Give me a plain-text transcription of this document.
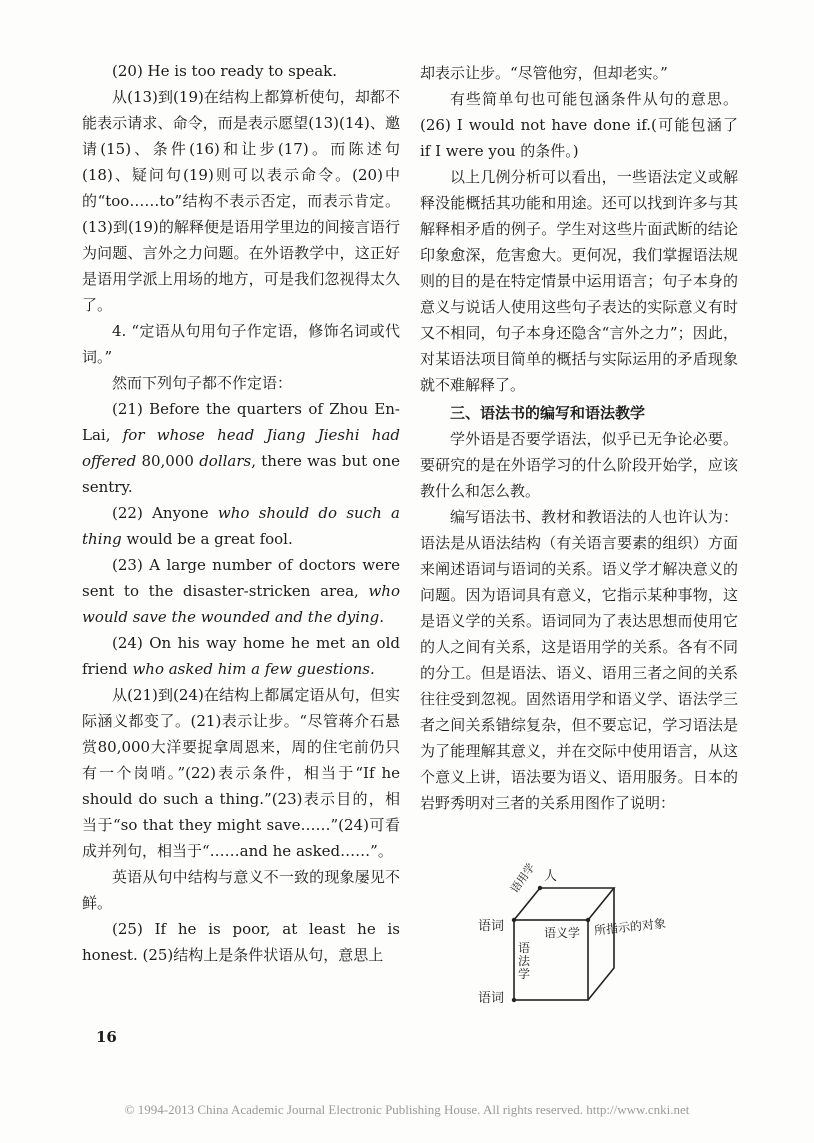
(20) He is too ready to speak.

从(13)到(19)在结构上都算析使句，却都不能表示请求、命令，而是表示愿望(13)(14)、邀请(15)、条件(16)和让步(17)。而陈述句(18)、疑问句(19)则可以表示命令。(20)中的“too……to”结构不表示否定，而表示肯定。(13)到(19)的解释便是语用学里边的间接言语行为问题、言外之力问题。在外语教学中，这正好是语用学派上用场的地方，可是我们忽视得太久了。

4. “定语从句用句子作定语，修饰名词或代词。”

然而下列句子都不作定语：

(21) Before the quarters of Zhou En-Lai, for whose head Jiang Jieshi had offered 80,000 dollars, there was but one sentry.

(22) Anyone who should do such a thing would be a great fool.

(23) A large number of doctors were sent to the disaster-stricken area, who would save the wounded and the dying.

(24) On his way home he met an old friend who asked him a few guestions.

从(21)到(24)在结构上都属定语从句，但实际涵义都变了。(21)表示让步。“尽管蒋介石悬赏80,000大洋要捉拿周恩来，周的住宅前仍只有一个岗哨。”(22)表示条件，相当于“If he should do such a thing.”(23)表示目的，相当于“so that they might save……”(24)可看成并列句，相当于“……and he asked……”。

英语从句中结构与意义不一致的现象屡见不鲜。

(25) If he is poor, at least he is honest. (25)结构上是条件状语从句，意思上

却表示让步。“尽管他穷，但却老实。”

有些简单句也可能包涵条件从句的意思。(26) I would not have done if.(可能包涵了 if I were you 的条件。)

以上几例分析可以看出，一些语法定义或解释没能概括其功能和用途。还可以找到许多与其解释相矛盾的例子。学生对这些片面武断的结论印象愈深，危害愈大。更何况，我们掌握语法规则的目的是在特定情景中运用语言；句子本身的意义与说话人使用这些句子表达的实际意义有时又不相同，句子本身还隐含“言外之力”；因此，对某语法项目简单的概括与实际运用的矛盾现象就不难解释了。

三、语法书的编写和语法教学

学外语是否要学语法，似乎已无争论必要。要研究的是在外语学习的什么阶段开始学，应该教什么和怎么教。

编写语法书、教材和教语法的人也许认为：语法是从语法结构（有关语言要素的组织）方面来阐述语词与语词的关系。语义学才解决意义的问题。因为语词具有意义，它指示某种事物，这是语义学的关系。语词同为了表达思想而使用它的人之间有关系，这是语用学的关系。各有不同的分工。但是语法、语义、语用三者之间的关系往往受到忽视。固然语用学和语义学、语法学三者之间关系错综复杂，但不要忘记，学习语法是为了能理解其意义，并在交际中使用语言，从这个意义上讲，语法要为语义、语用服务。日本的岩野秀明对三者的关系用图作了说明：

人
语词
语词
语用学
语义学
语法学
所指示的对象
16
© 1994-2013 China Academic Journal Electronic Publishing House. All rights reserved. http://www.cnki.net
